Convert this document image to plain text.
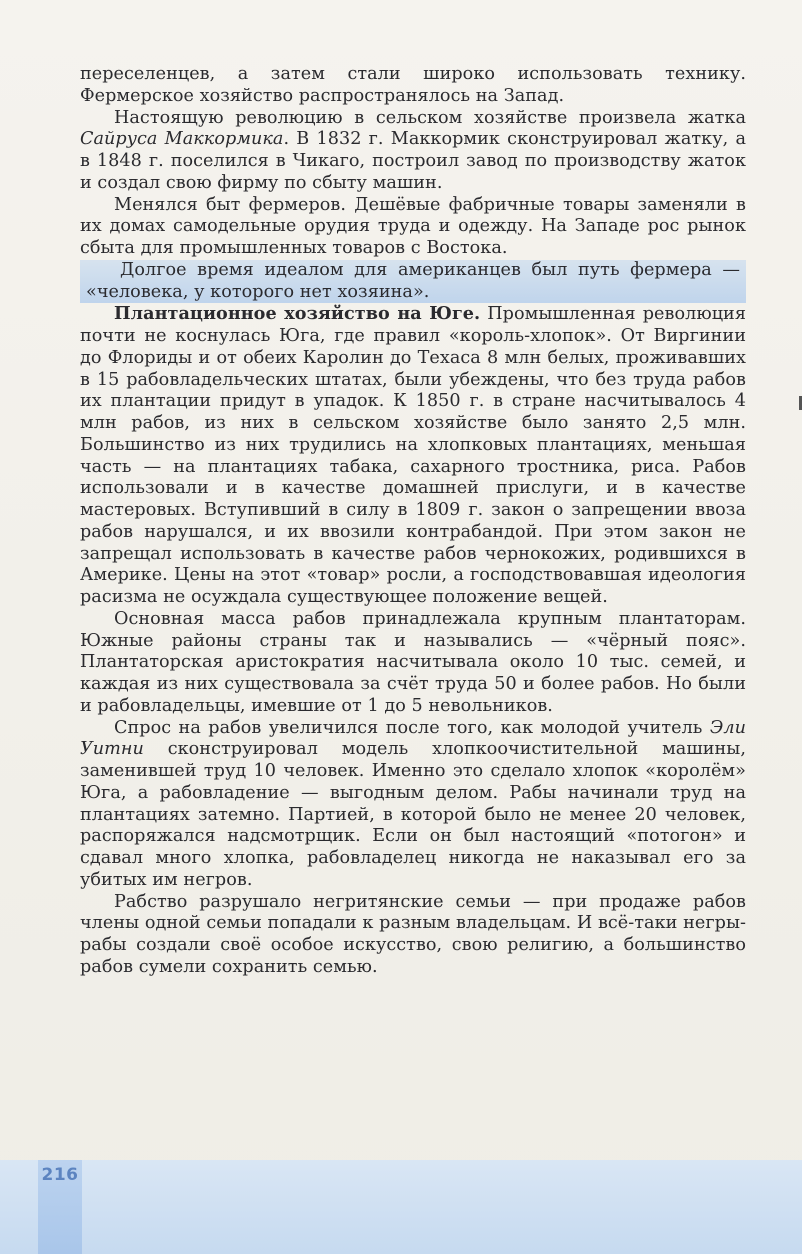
переселенцев, а затем стали широко использовать технику. Фермерское хозяйство распространялось на Запад.

Настоящую революцию в сельском хозяйстве произвела жатка Сайруса Маккормика. В 1832 г. Маккормик сконструировал жатку, а в 1848 г. поселился в Чикаго, построил завод по производству жаток и создал свою фирму по сбыту машин.

Менялся быт фермеров. Дешёвые фабричные товары заменяли в их домах самодельные орудия труда и одежду. На Западе рос рынок сбыта для промышленных товаров с Востока.

Долгое время идеалом для американцев был путь фермера — «человека, у которого нет хозяина».

Плантационное хозяйство на Юге. Промышленная революция почти не коснулась Юга, где правил «король-хлопок». От Виргинии до Флориды и от обеих Каролин до Техаса 8 млн белых, проживавших в 15 рабовладельческих штатах, были убеждены, что без труда рабов их плантации придут в упадок. К 1850 г. в стране насчитывалось 4 млн рабов, из них в сельском хозяйстве было занято 2,5 млн. Большинство из них трудились на хлопковых плантациях, меньшая часть — на плантациях табака, сахарного тростника, риса. Рабов использовали и в качестве домашней прислуги, и в качестве мастеровых. Вступивший в силу в 1809 г. закон о запрещении ввоза рабов нарушался, и их ввозили контрабандой. При этом закон не запрещал использовать в качестве рабов чернокожих, родившихся в Америке. Цены на этот «товар» росли, а господствовавшая идеология расизма не осуждала существующее положение вещей.

Основная масса рабов принадлежала крупным плантаторам. Южные районы страны так и назывались — «чёрный пояс». Плантаторская аристократия насчитывала около 10 тыс. семей, и каждая из них существовала за счёт труда 50 и более рабов. Но были и рабовладельцы, имевшие от 1 до 5 невольников.

Спрос на рабов увеличился после того, как молодой учитель Эли Уитни сконструировал модель хлопкоочистительной машины, заменившей труд 10 человек. Именно это сделало хлопок «королём» Юга, а рабовладение — выгодным делом. Рабы начинали труд на плантациях затемно. Партией, в которой было не менее 20 человек, распоряжался надсмотрщик. Если он был настоящий «потогон» и сдавал много хлопка, рабовладелец никогда не наказывал его за убитых им негров.

Рабство разрушало негритянские семьи — при продаже рабов члены одной семьи попадали к разным владельцам. И всё-таки негры-рабы создали своё особое искусство, свою религию, а большинство рабов сумели сохранить семью.

216
